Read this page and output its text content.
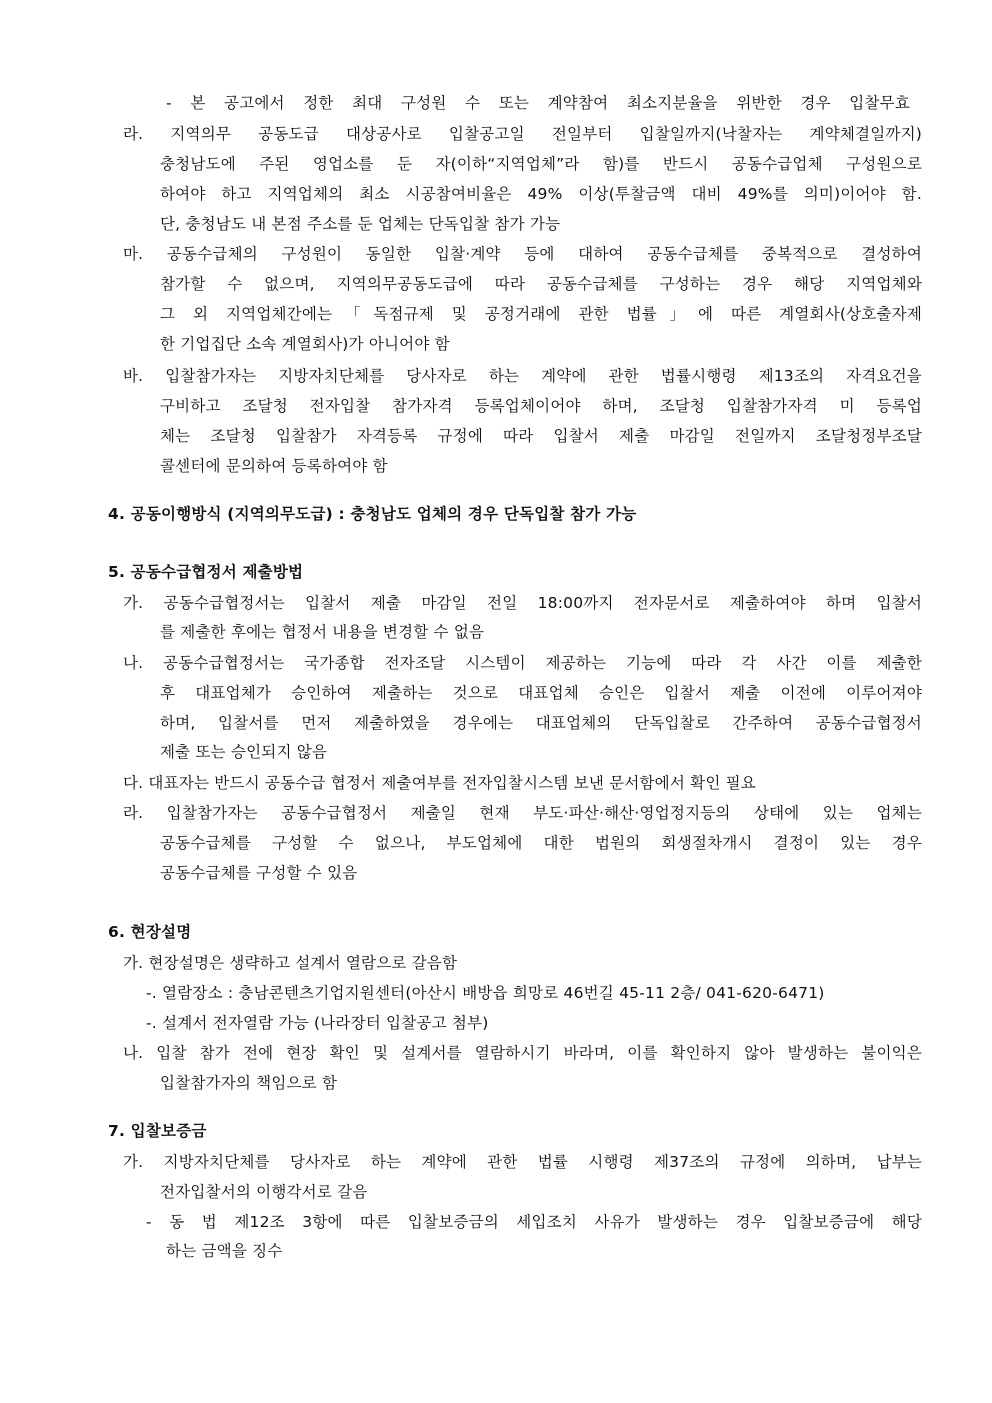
- 본 공고에서 정한 최대 구성원 수 또는 계약참여 최소지분율을 위반한 경우 입찰무효
라. 지역의무 공동도급 대상공사로 입찰공고일 전일부터 입찰일까지(낙찰자는 계약체결일까지)
충청남도에 주된 영업소를 둔 자(이하“지역업체”라 함)를 반드시 공동수급업체 구성원으로
하여야 하고 지역업체의 최소 시공참여비율은 49% 이상(투찰금액 대비 49%를 의미)이어야 함.
단, 충청남도 내 본점 주소를 둔 업체는 단독입찰 참가 가능
마. 공동수급체의 구성원이 동일한 입찰·계약 등에 대하여 공동수급체를 중복적으로 결성하여
참가할 수 없으며, 지역의무공동도급에 따라 공동수급체를 구성하는 경우 해당 지역업체와
그 외 지역업체간에는「독점규제 및 공정거래에 관한 법률」에 따른 계열회사(상호출자제
한 기업집단 소속 계열회사)가 아니어야 함
바. 입찰참가자는 지방자치단체를 당사자로 하는 계약에 관한 법률시행령 제13조의 자격요건을
구비하고 조달청 전자입찰 참가자격 등록업체이어야 하며, 조달청 입찰참가자격 미 등록업
체는 조달청 입찰참가 자격등록 규정에 따라 입찰서 제출 마감일 전일까지 조달청정부조달
콜센터에 문의하여 등록하여야 함
4. 공동이행방식 (지역의무도급) : 충청남도 업체의 경우 단독입찰 참가 가능
5. 공동수급협정서 제출방법
가. 공동수급협정서는 입찰서 제출 마감일 전일 18:00까지 전자문서로 제출하여야 하며 입찰서
를 제출한 후에는 협정서 내용을 변경할 수 없음
나. 공동수급협정서는 국가종합 전자조달 시스템이 제공하는 기능에 따라 각 사간 이를 제출한
후 대표업체가 승인하여 제출하는 것으로 대표업체 승인은 입찰서 제출 이전에 이루어져야
하며, 입찰서를 먼저 제출하였을 경우에는 대표업체의 단독입찰로 간주하여 공동수급협정서
제출 또는 승인되지 않음
다. 대표자는 반드시 공동수급 협정서 제출여부를 전자입찰시스템 보낸 문서함에서 확인 필요
라. 입찰참가자는 공동수급협정서 제출일 현재 부도·파산·해산·영업정지등의 상태에 있는 업체는
공동수급체를 구성할 수 없으나, 부도업체에 대한 법원의 회생절차개시 결정이 있는 경우
공동수급체를 구성할 수 있음
6. 현장설명
가. 현장설명은 생략하고 설계서 열람으로 갈음함
-. 열람장소 : 충남콘텐츠기업지원센터(아산시 배방읍 희망로 46번길 45-11 2층/ 041-620-6471)
-. 설계서 전자열람 가능 (나라장터 입찰공고 첨부)
나. 입찰 참가 전에 현장 확인 및 설계서를 열람하시기 바라며, 이를 확인하지 않아 발생하는 불이익은
입찰참가자의 책임으로 함
7. 입찰보증금
가. 지방자치단체를 당사자로 하는 계약에 관한 법률 시행령 제37조의 규정에 의하며, 납부는
전자입찰서의 이행각서로 갈음
- 동 법 제12조 3항에 따른 입찰보증금의 세입조치 사유가 발생하는 경우 입찰보증금에 해당
하는 금액을 징수
